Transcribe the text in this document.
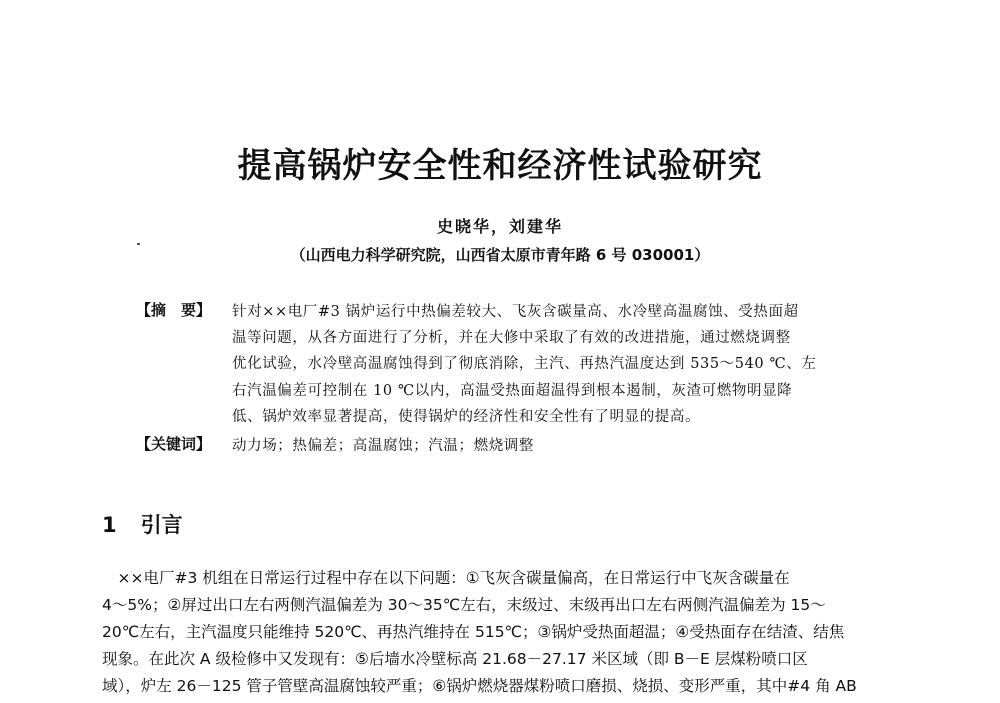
提高锅炉安全性和经济性试验研究
史晓华，刘建华
（山西电力科学研究院，山西省太原市青年路 6 号 030001）
【摘　要】 针对××电厂#3 锅炉运行中热偏差较大、飞灰含碳量高、水冷壁高温腐蚀、受热面超
温等问题，从各方面进行了分析，并在大修中采取了有效的改进措施，通过燃烧调整
优化试验，水冷壁高温腐蚀得到了彻底消除，主汽、再热汽温度达到 535～540 ℃、左
右汽温偏差可控制在 10 ℃以内，高温受热面超温得到根本遏制，灰渣可燃物明显降
低、锅炉效率显著提高，使得锅炉的经济性和安全性有了明显的提高。
【关键词】 动力场；热偏差；高温腐蚀；汽温；燃烧调整
1 引言
　××电厂#3 机组在日常运行过程中存在以下问题：①飞灰含碳量偏高，在日常运行中飞灰含碳量在
4～5%；②屏过出口左右两侧汽温偏差为 30～35℃左右，末级过、末级再出口左右两侧汽温偏差为 15～
20℃左右，主汽温度只能维持 520℃、再热汽维持在 515℃；③锅炉受热面超温；④受热面存在结渣、结焦
现象。在此次 A 级检修中又发现有：⑤后墙水冷壁标高 21.68－27.17 米区域（即 B－E 层煤粉喷口区
域），炉左 26－125 管子管壁高温腐蚀较严重；⑥锅炉燃烧器煤粉喷口磨损、烧损、变形严重，其中#4 角 AB
